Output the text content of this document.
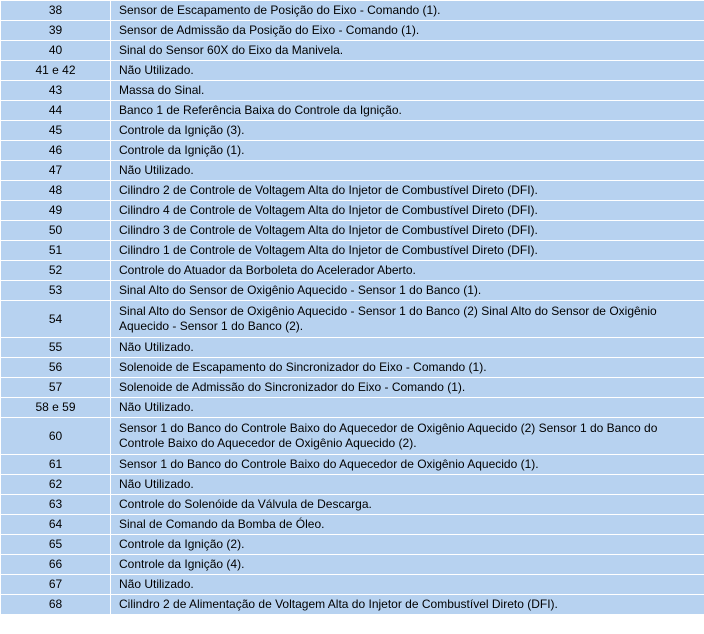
38	Sensor de Escapamento de Posição do Eixo - Comando (1).
39	Sensor de Admissão da Posição do Eixo - Comando (1).
40	Sinal do Sensor 60X do Eixo da Manivela.
41 e 42	Não Utilizado.
43	Massa do Sinal.
44	Banco 1 de Referência Baixa do Controle da Ignição.
45	Controle da Ignição (3).
46	Controle da Ignição (1).
47	Não Utilizado.
48	Cilindro 2 de Controle de Voltagem Alta do Injetor de Combustível Direto (DFI).
49	Cilindro 4 de Controle de Voltagem Alta do Injetor de Combustível Direto (DFI).
50	Cilindro 3 de Controle de Voltagem Alta do Injetor de Combustível Direto (DFI).
51	Cilindro 1 de Controle de Voltagem Alta do Injetor de Combustível Direto (DFI).
52	Controle do Atuador da Borboleta do Acelerador Aberto.
53	Sinal Alto do Sensor de Oxigênio Aquecido - Sensor 1 do Banco (1).
54	Sinal Alto do Sensor de Oxigênio Aquecido - Sensor 1 do Banco (2) Sinal Alto do Sensor de Oxigênio Aquecido - Sensor 1 do Banco (2).
55	Não Utilizado.
56	Solenoide de Escapamento do Sincronizador do Eixo - Comando (1).
57	Solenoide de Admissão do Sincronizador do Eixo - Comando (1).
58 e 59	Não Utilizado.
60	Sensor 1 do Banco do Controle Baixo do Aquecedor de Oxigênio Aquecido (2) Sensor 1 do Banco do Controle Baixo do Aquecedor de Oxigênio Aquecido (2).
61	Sensor 1 do Banco do Controle Baixo do Aquecedor de Oxigênio Aquecido (1).
62	Não Utilizado.
63	Controle do Solenóide da Válvula de Descarga.
64	Sinal de Comando da Bomba de Óleo.
65	Controle da Ignição (2).
66	Controle da Ignição (4).
67	Não Utilizado.
68	Cilindro 2 de Alimentação de Voltagem Alta do Injetor de Combustível Direto (DFI).
